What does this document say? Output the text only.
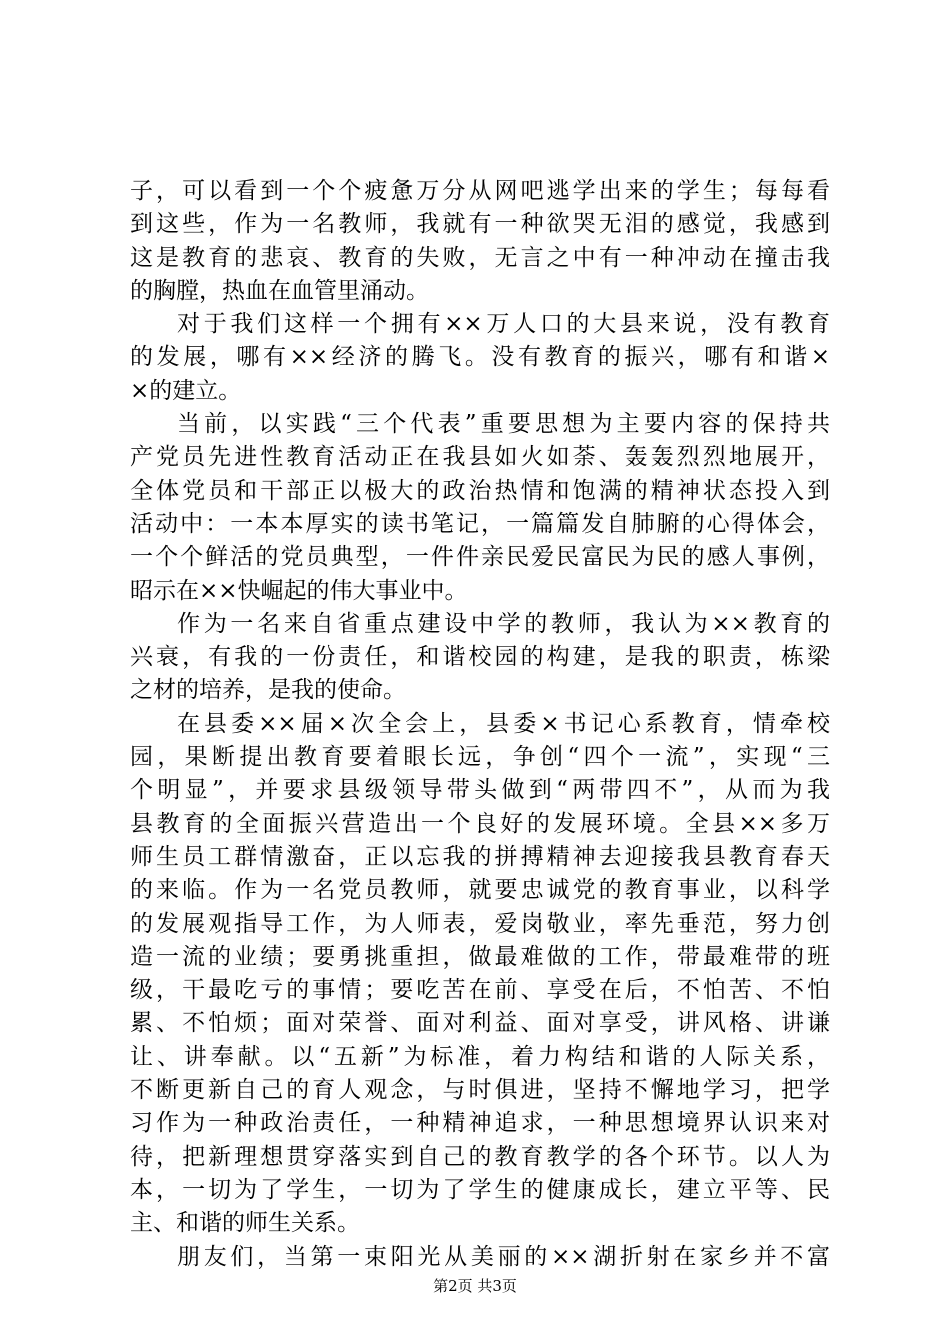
子，可以看到一个个疲惫万分从网吧逃学出来的学生；每每看
到这些，作为一名教师，我就有一种欲哭无泪的感觉，我感到
这是教育的悲哀、教育的失败，无言之中有一种冲动在撞击我
的胸膛，热血在血管里涌动。
对于我们这样一个拥有××万人口的大县来说，没有教育
的发展，哪有××经济的腾飞。没有教育的振兴，哪有和谐×
×的建立。
当前，以实践“三个代表”重要思想为主要内容的保持共
产党员先进性教育活动正在我县如火如荼、轰轰烈烈地展开，
全体党员和干部正以极大的政治热情和饱满的精神状态投入到
活动中：一本本厚实的读书笔记，一篇篇发自肺腑的心得体会，
一个个鲜活的党员典型，一件件亲民爱民富民为民的感人事例，
昭示在××快崛起的伟大事业中。
作为一名来自省重点建设中学的教师，我认为××教育的
兴衰，有我的一份责任，和谐校园的构建，是我的职责，栋梁
之材的培养，是我的使命。
在县委××届×次全会上，县委×书记心系教育，情牵校
园，果断提出教育要着眼长远，争创“四个一流”，实现“三
个明显”，并要求县级领导带头做到“两带四不”，从而为我
县教育的全面振兴营造出一个良好的发展环境。全县××多万
师生员工群情激奋，正以忘我的拼搏精神去迎接我县教育春天
的来临。作为一名党员教师，就要忠诚党的教育事业，以科学
的发展观指导工作，为人师表，爱岗敬业，率先垂范，努力创
造一流的业绩；要勇挑重担，做最难做的工作，带最难带的班
级，干最吃亏的事情；要吃苦在前、享受在后，不怕苦、不怕
累、不怕烦；面对荣誉、面对利益、面对享受，讲风格、讲谦
让、讲奉献。以“五新”为标准，着力构结和谐的人际关系，
不断更新自己的育人观念，与时俱进，坚持不懈地学习，把学
习作为一种政治责任，一种精神追求，一种思想境界认识来对
待，把新理想贯穿落实到自己的教育教学的各个环节。以人为
本，一切为了学生，一切为了学生的健康成长，建立平等、民
主、和谐的师生关系。
朋友们，当第一束阳光从美丽的××湖折射在家乡并不富
第2页 共3页
